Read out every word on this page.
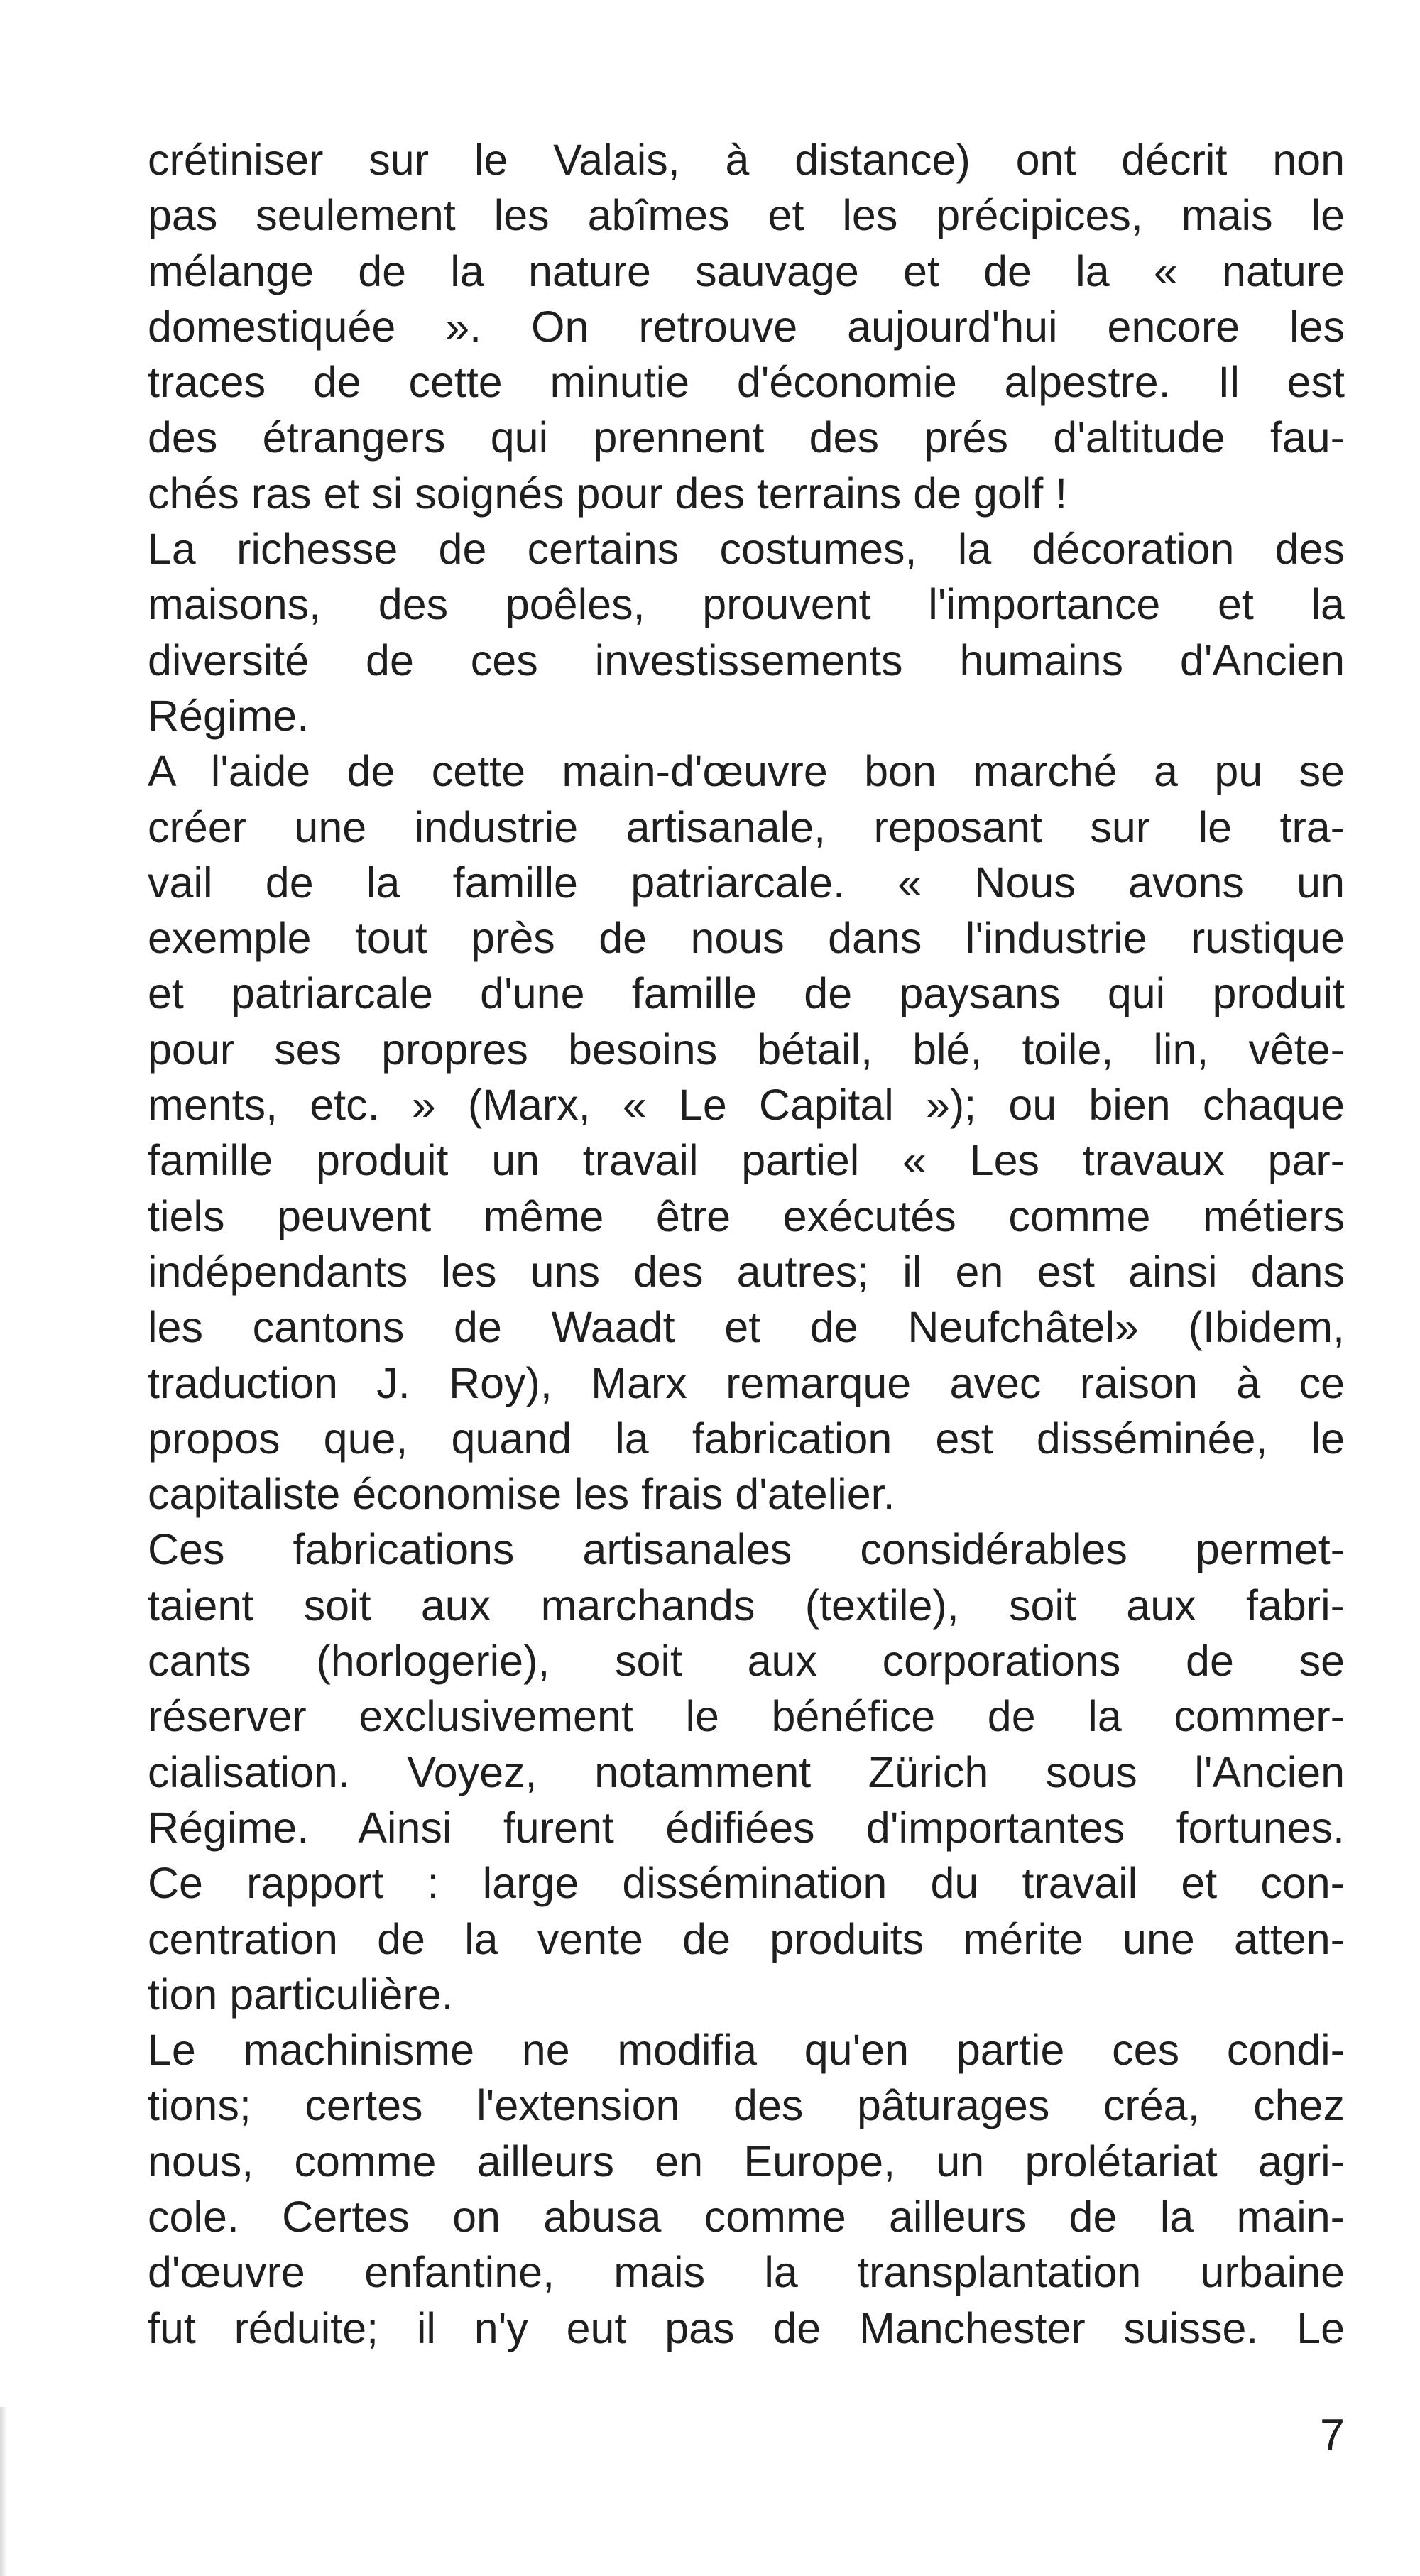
crétiniser sur le Valais, à distance) ont décrit non
pas seulement les abîmes et les précipices, mais le
mélange de la nature sauvage et de la « nature
domestiquée ». On retrouve aujourd'hui encore les
traces de cette minutie d'économie alpestre. Il est
des étrangers qui prennent des prés d'altitude fau-
chés ras et si soignés pour des terrains de golf !
La richesse de certains costumes, la décoration des
maisons, des poêles, prouvent l'importance et la
diversité de ces investissements humains d'Ancien
Régime.
A l'aide de cette main-d'œuvre bon marché a pu se
créer une industrie artisanale, reposant sur le tra-
vail de la famille patriarcale. « Nous avons un
exemple tout près de nous dans l'industrie rustique
et patriarcale d'une famille de paysans qui produit
pour ses propres besoins bétail, blé, toile, lin, vête-
ments, etc. » (Marx, « Le Capital »); ou bien chaque
famille produit un travail partiel « Les travaux par-
tiels peuvent même être exécutés comme métiers
indépendants les uns des autres; il en est ainsi dans
les cantons de Waadt et de Neufchâtel» (Ibidem,
traduction J. Roy), Marx remarque avec raison à ce
propos que, quand la fabrication est disséminée, le
capitaliste économise les frais d'atelier.
Ces fabrications artisanales considérables permet-
taient soit aux marchands (textile), soit aux fabri-
cants (horlogerie), soit aux corporations de se
réserver exclusivement le bénéfice de la commer-
cialisation. Voyez, notamment Zürich sous l'Ancien
Régime. Ainsi furent édifiées d'importantes fortunes.
Ce rapport : large dissémination du travail et con-
centration de la vente de produits mérite une atten-
tion particulière.
Le machinisme ne modifia qu'en partie ces condi-
tions; certes l'extension des pâturages créa, chez
nous, comme ailleurs en Europe, un prolétariat agri-
cole. Certes on abusa comme ailleurs de la main-
d'œuvre enfantine, mais la transplantation urbaine
fut réduite; il n'y eut pas de Manchester suisse. Le
7
